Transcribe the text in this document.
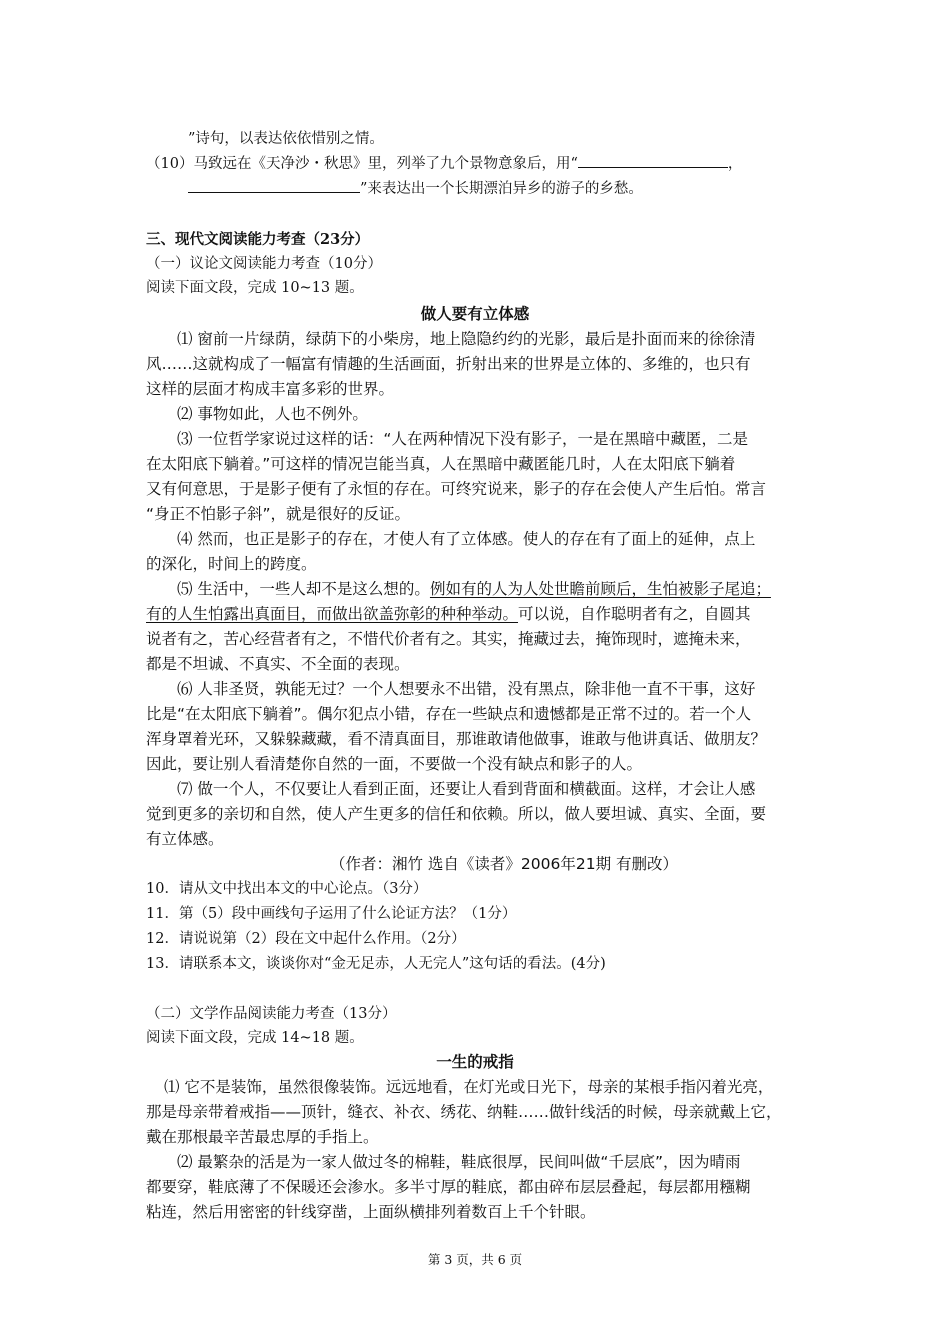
”诗句，以表达依依惜别之情。
（10）马致远在《天净沙・秋思》里，列举了九个景物意象后，用“	，
”来表达出一个长期漂泊异乡的游子的乡愁。
三、现代文阅读能力考查（23分）
（一）议论文阅读能力考查（10分）
阅读下面文段，完成 10~13 题。
做人要有立体感
⑴ 窗前一片绿荫，绿荫下的小柴房，地上隐隐约约的光影，最后是扑面而来的徐徐清
风……这就构成了一幅富有情趣的生活画面，折射出来的世界是立体的、多维的，也只有
这样的层面才构成丰富多彩的世界。
⑵ 事物如此，人也不例外。
⑶ 一位哲学家说过这样的话：“人在两种情况下没有影子，一是在黑暗中藏匿，二是
在太阳底下躺着。”可这样的情况岂能当真，人在黑暗中藏匿能几时，人在太阳底下躺着
又有何意思，于是影子便有了永恒的存在。可终究说来，影子的存在会使人产生后怕。常言
“身正不怕影子斜”，就是很好的反证。
⑷ 然而，也正是影子的存在，才使人有了立体感。使人的存在有了面上的延伸，点上
的深化，时间上的跨度。
⑸ 生活中，一些人却不是这么想的。例如有的人为人处世瞻前顾后，生怕被影子尾追；
有的人生怕露出真面目，而做出欲盖弥彰的种种举动。可以说，自作聪明者有之，自圆其
说者有之，苦心经营者有之，不惜代价者有之。其实，掩藏过去，掩饰现时，遮掩未来，
都是不坦诚、不真实、不全面的表现。
⑹ 人非圣贤，孰能无过？一个人想要永不出错，没有黑点，除非他一直不干事，这好
比是“在太阳底下躺着”。偶尔犯点小错，存在一些缺点和遗憾都是正常不过的。若一个人
浑身罩着光环，又躲躲藏藏，看不清真面目，那谁敢请他做事，谁敢与他讲真话、做朋友？
因此，要让别人看清楚你自然的一面，不要做一个没有缺点和影子的人。
⑺ 做一个人，不仅要让人看到正面，还要让人看到背面和横截面。这样，才会让人感
觉到更多的亲切和自然，使人产生更多的信任和依赖。所以，做人要坦诚、真实、全面，要
有立体感。
（作者：湘竹 选自《读者》2006年21期 有删改）
10．请从文中找出本文的中心论点。（3分）
11．第（5）段中画线句子运用了什么论证方法？（1分）
12．请说说第（2）段在文中起什么作用。（2分）
13．请联系本文，谈谈你对“金无足赤，人无完人”这句话的看法。(4分)
（二）文学作品阅读能力考查（13分）
阅读下面文段，完成 14~18 题。
一生的戒指
⑴ 它不是装饰，虽然很像装饰。远远地看，在灯光或日光下，母亲的某根手指闪着光亮，
那是母亲带着戒指——顶针，缝衣、补衣、绣花、纳鞋……做针线活的时候，母亲就戴上它，
戴在那根最辛苦最忠厚的手指上。
⑵ 最繁杂的活是为一家人做过冬的棉鞋，鞋底很厚，民间叫做“千层底”，因为晴雨
都要穿，鞋底薄了不保暖还会渗水。多半寸厚的鞋底，都由碎布层层叠起，每层都用糨糊
粘连，然后用密密的针线穿凿，上面纵横排列着数百上千个针眼。
第 3 页，共 6 页
